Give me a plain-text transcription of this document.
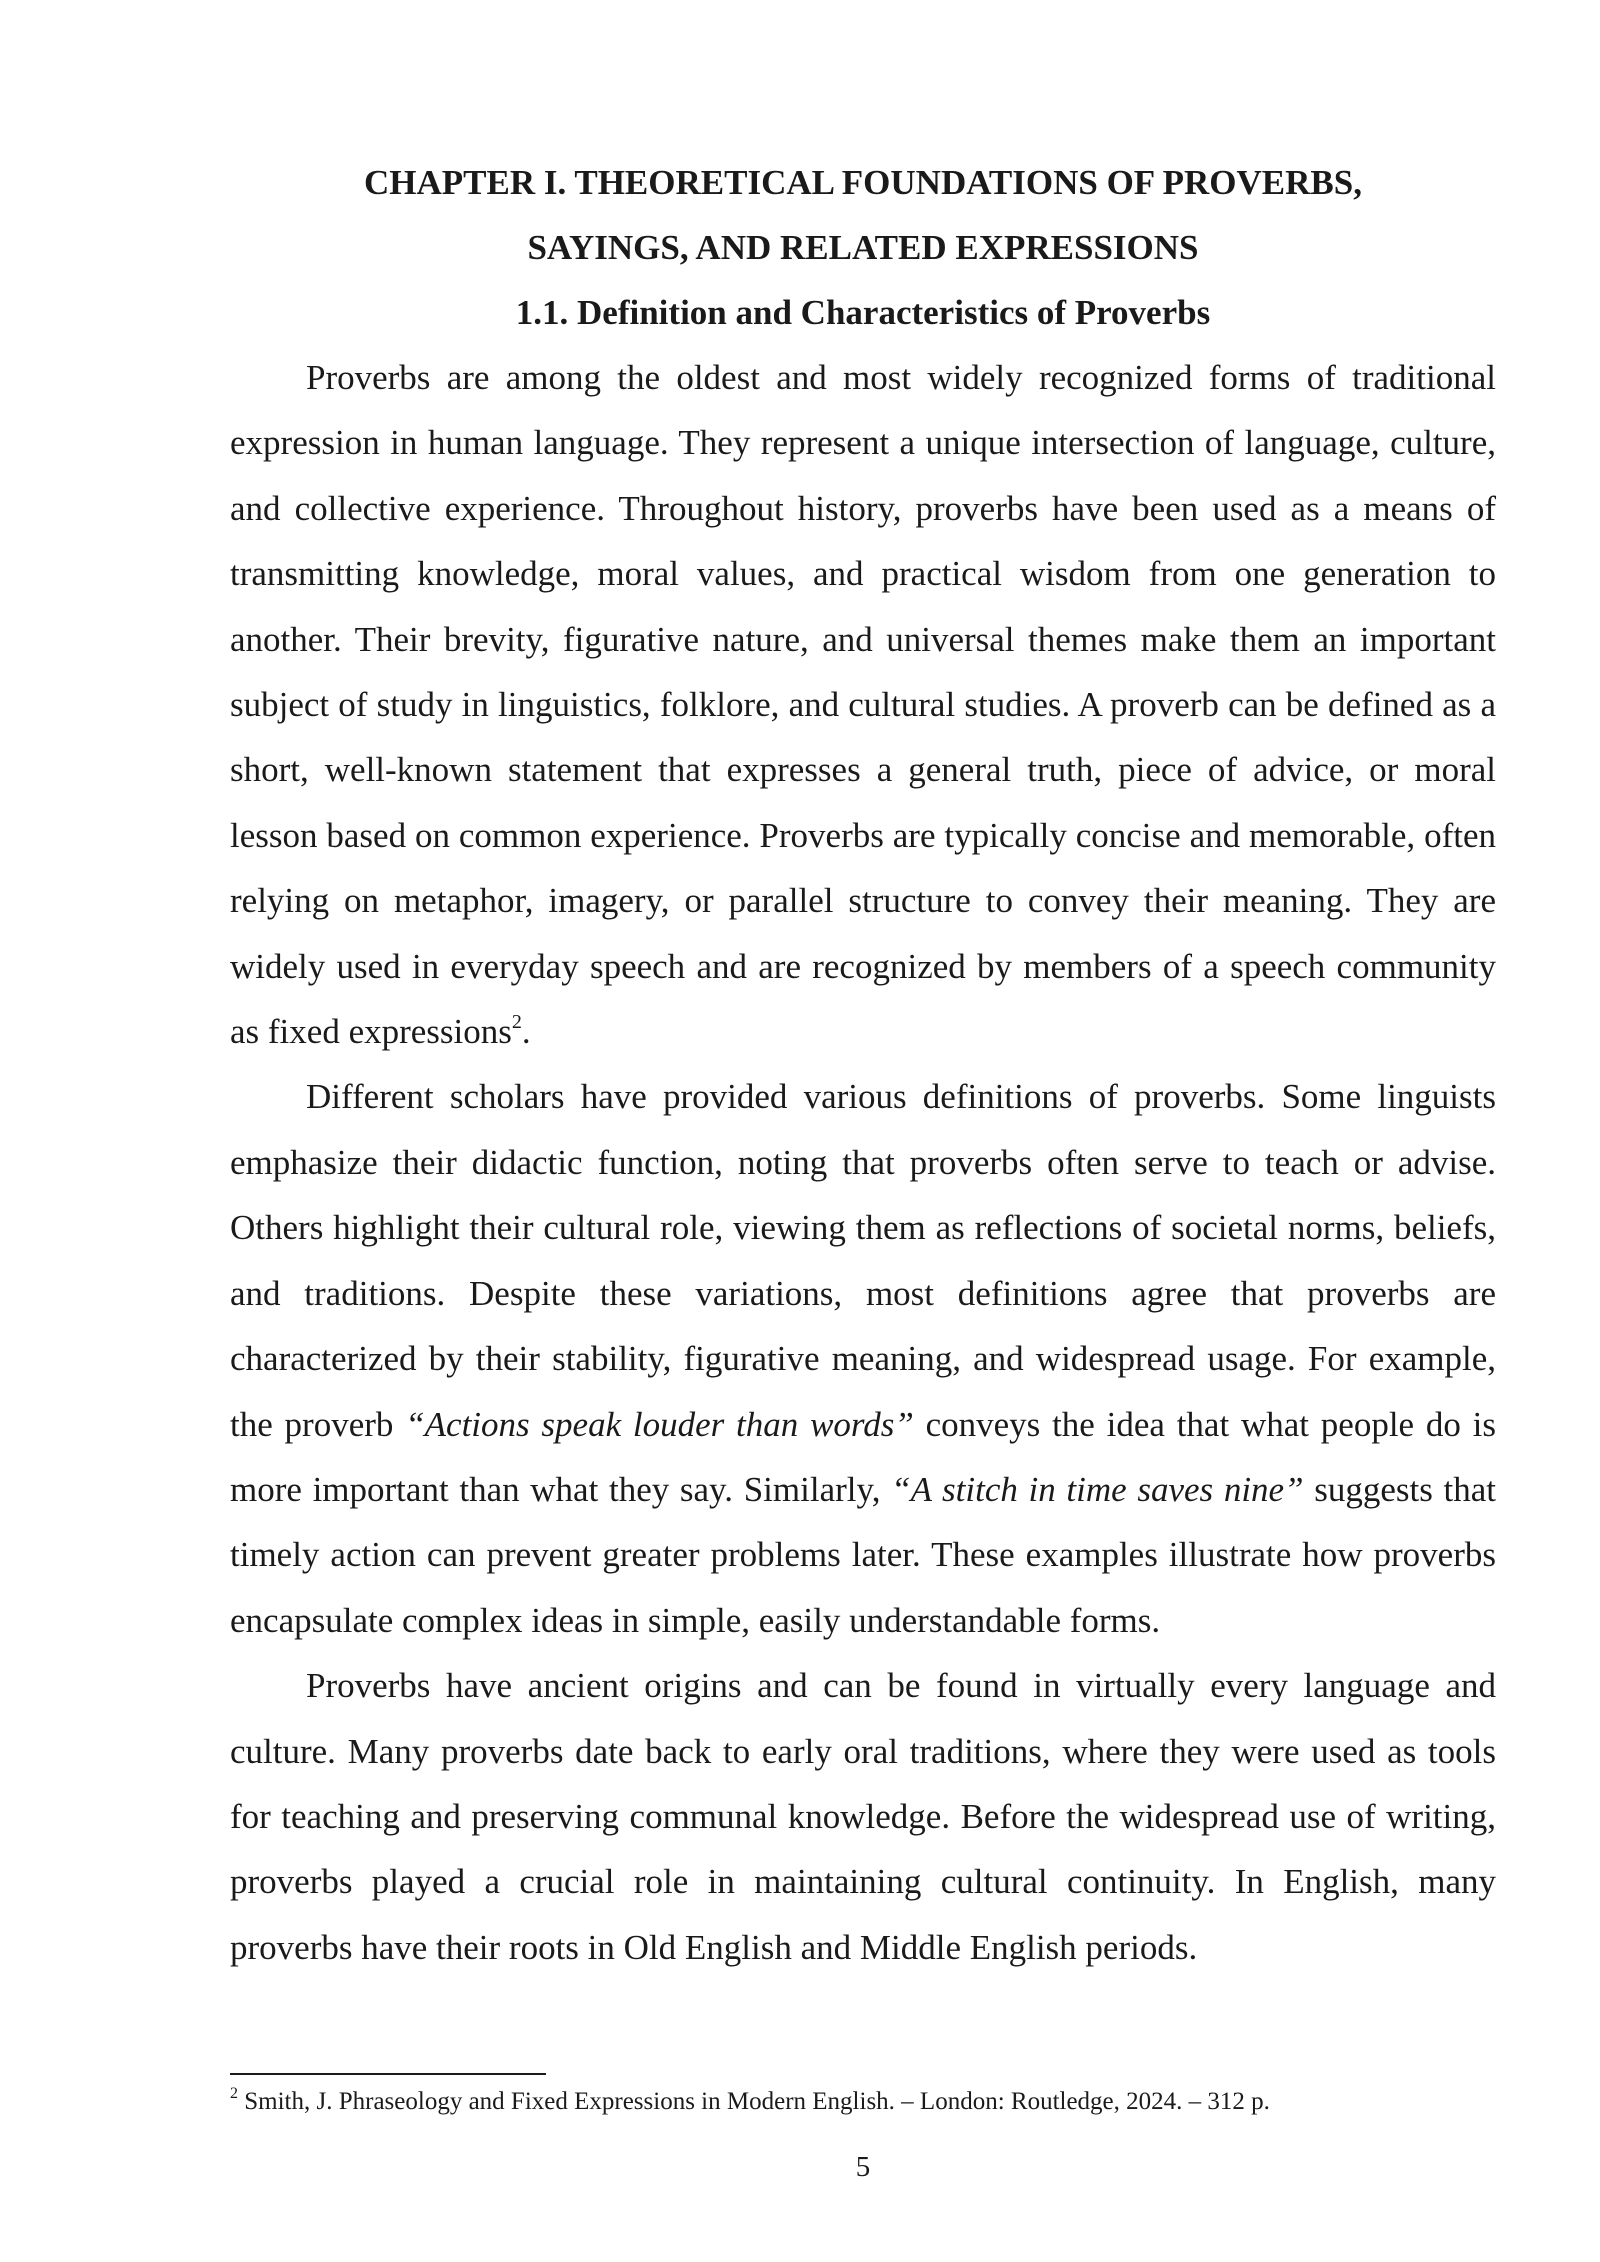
CHAPTER I. THEORETICAL FOUNDATIONS OF PROVERBS,
SAYINGS, AND RELATED EXPRESSIONS
1.1. Definition and Characteristics of Proverbs

Proverbs are among the oldest and most widely recognized forms of traditional expression in human language. They represent a unique intersection of language, culture, and collective experience. Throughout history, proverbs have been used as a means of transmitting knowledge, moral values, and practical wisdom from one generation to another. Their brevity, figurative nature, and universal themes make them an important subject of study in linguistics, folklore, and cultural studies. A proverb can be defined as a short, well-known statement that expresses a general truth, piece of advice, or moral lesson based on common experience. Proverbs are typically concise and memorable, often relying on metaphor, imagery, or parallel structure to convey their meaning. They are widely used in everyday speech and are recognized by members of a speech community as fixed expressions$^2$.

Different scholars have provided various definitions of proverbs. Some linguists emphasize their didactic function, noting that proverbs often serve to teach or advise. Others highlight their cultural role, viewing them as reflections of societal norms, beliefs, and traditions. Despite these variations, most definitions agree that proverbs are characterized by their stability, figurative meaning, and widespread usage. For example, the proverb “Actions speak louder than words” conveys the idea that what people do is more important than what they say. Similarly, “A stitch in time saves nine” suggests that timely action can prevent greater problems later. These examples illustrate how proverbs encapsulate complex ideas in simple, easily understandable forms.

Proverbs have ancient origins and can be found in virtually every language and culture. Many proverbs date back to early oral traditions, where they were used as tools for teaching and preserving communal knowledge. Before the widespread use of writing, proverbs played a crucial role in maintaining cultural continuity. In English, many proverbs have their roots in Old English and Middle English periods.

$^2$ Smith, J. Phraseology and Fixed Expressions in Modern English. – London: Routledge, 2024. – 312 p.
5
